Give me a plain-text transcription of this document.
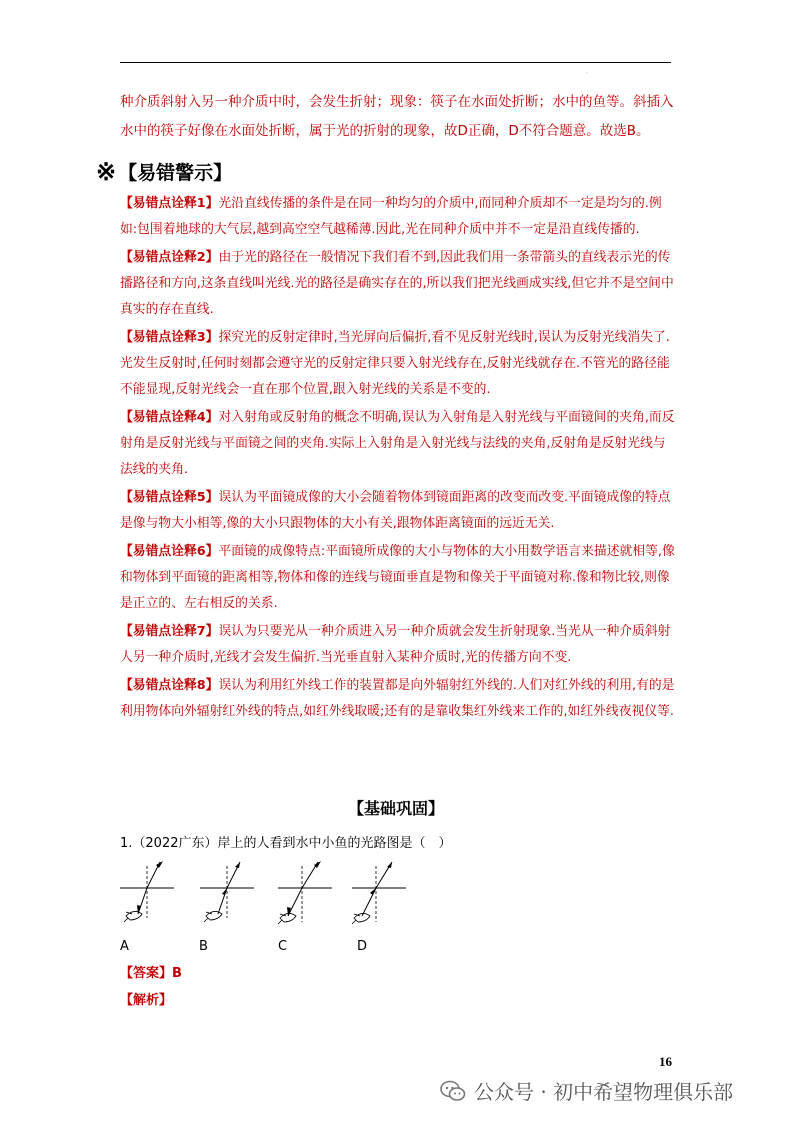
·
种介质斜射入另一种介质中时，会发生折射；现象：筷子在水面处折断；水中的鱼等。斜插入水中的筷子好像在水面处折断，属于光的折射的现象，故D正确，D不符合题意。故选B。
※ 【易错警示】

【易错点诠释1】光沿直线传播的条件是在同一种均匀的介质中,而同种介质却不一定是均匀的.例如:包围着地球的大气层,越到高空空气越稀薄.因此,光在同种介质中并不一定是沿直线传播的.

【易错点诠释2】由于光的路径在一般情况下我们看不到,因此我们用一条带箭头的直线表示光的传播路径和方向,这条直线叫光线.光的路径是确实存在的,所以我们把光线画成实线,但它并不是空间中真实的存在直线.

【易错点诠释3】探究光的反射定律时,当光屏向后偏折,看不见反射光线时,误认为反射光线消失了.光发生反射时,任何时刻都会遵守光的反射定律只要入射光线存在,反射光线就存在.不管光的路径能不能显现,反射光线会一直在那个位置,跟入射光线的关系是不变的.

【易错点诠释4】对入射角或反射角的概念不明确,误认为入射角是入射光线与平面镜间的夹角,而反射角是反射光线与平面镜之间的夹角.实际上入射角是入射光线与法线的夹角,反射角是反射光线与法线的夹角.

【易错点诠释5】误认为平面镜成像的大小会随着物体到镜面距离的改变而改变.平面镜成像的特点是像与物大小相等,像的大小只跟物体的大小有关,跟物体距离镜面的远近无关.

【易错点诠释6】平面镜的成像特点:平面镜所成像的大小与物体的大小用数学语言来描述就相等,像和物体到平面镜的距离相等,物体和像的连线与镜面垂直是物和像关于平面镜对称.像和物比较,则像是正立的、左右相反的关系.

【易错点诠释7】误认为只要光从一种介质进入另一种介质就会发生折射现象.当光从一种介质斜射人另一种介质时,光线才会发生偏折.当光垂直射入某种介质时,光的传播方向不变.

【易错点诠释8】误认为利用红外线工作的装置都是向外辐射红外线的.人们对红外线的利用,有的是利用物体向外辐射红外线的特点,如红外线取暖;还有的是靠收集红外线来工作的,如红外线夜视仪等.

【基础巩固】
1.（2022广东）岸上的人看到水中小鱼的光路图是（　）
A	B	C	D
【答案】B
【解析】
16
公众号 · 初中希望物理俱乐部
